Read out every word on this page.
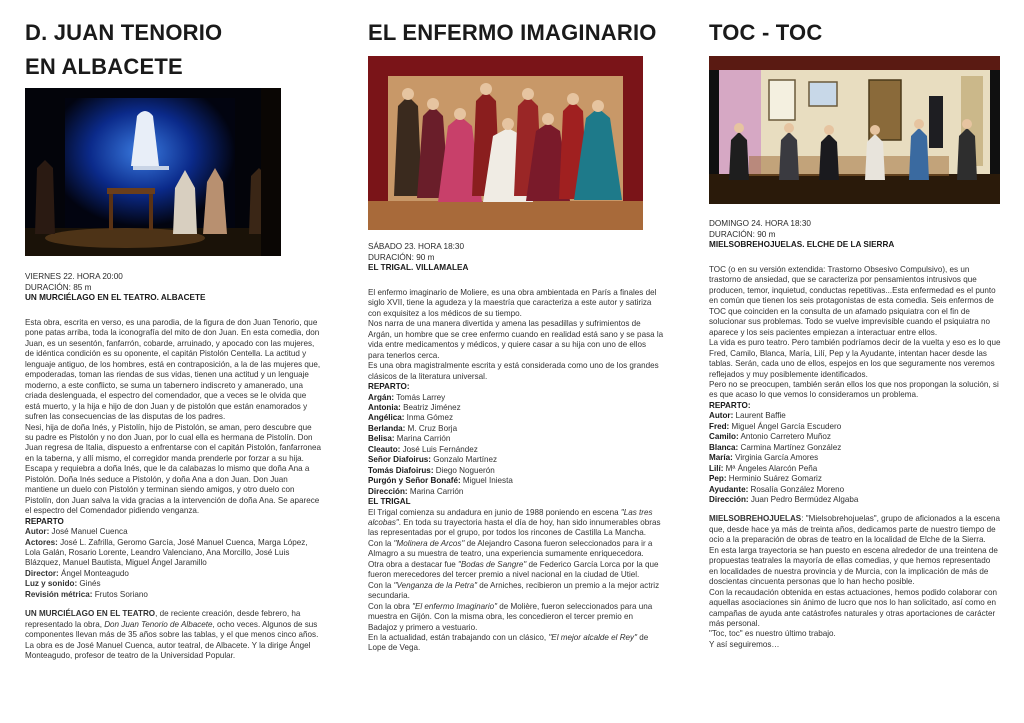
D. JUAN TENORIO
EN ALBACETE
VIERNES 22. HORA 20:00
DURACIÓN: 85 m
UN MURCIÉLAGO EN EL TEATRO. ALBACETE

Esta obra, escrita en verso, es una parodia, de la figura de don Juan Tenorio, que pone patas arriba, toda la iconografía del mito de don Juan. En esta comedia, don Juan, es un sesentón, fanfarrón, cobarde, arruinado, y apocado con las mujeres, de idéntica condición es su oponente, el capitán Pistolón Centella. La actitud y lenguaje antiguo, de los hombres, está en contraposición, a la de las mujeres que, empoderadas, toman las riendas de sus vidas, tienen una actitud y un lenguaje moderno, a este conflicto, se suma un tabernero indiscreto y amanerado, una criada deslenguada, el espectro del comendador, que a veces se le olvida que está muerto, y la hija e hijo de don Juan y de pistolón que están enamorados y sufren las consecuencias de las disputas de los padres.

Nesi, hija de doña Inés, y Pistolín, hijo de Pistolón, se aman, pero descubre que su padre es Pistolón y no don Juan, por lo cual ella es hermana de Pistolín. Don Juan regresa de Italia, dispuesto a enfrentarse con el capitán Pistolón, fanfarronea en la taberna, y allí mismo, el corregidor manda prenderle por forzar a su hija. Escapa y requiebra a doña Inés, que le da calabazas lo mismo que doña Ana a Pistolón. Doña Inés seduce a Pistolón, y doña Ana a don Juan. Don Juan mantiene un duelo con Pistolón y terminan siendo amigos, y otro duelo con Pistolín, don Juan salva la vida gracias a la intervención de doña Ana. Se aparece el espectro del Comendador pidiendo venganza.

REPARTO

Autor: José Manuel Cuenca

Actores: José L. Zafrilla, Geromo García, José Manuel Cuenca, Marga López, Lola Galán, Rosario Lorente, Leandro Valenciano, Ana Morcillo, José Luis Blázquez, Manuel Bautista, Miguel Ángel Jaramillo

Director: Ángel Monteagudo

Luz y sonido: Ginés

Revisión métrica: Frutos Soriano

UN MURCIÉLAGO EN EL TEATRO, de reciente creación, desde febrero, ha representado la obra, Don Juan Tenorio de Albacete, ocho veces. Algunos de sus componentes llevan más de 35 años sobre las tablas, y el que menos cinco años. La obra es de José Manuel Cuenca, autor teatral, de Albacete. Y la dirige Ángel Monteagudo, profesor de teatro de la Universidad Popular.

EL ENFERMO IMAGINARIO
SÁBADO 23. HORA 18:30
DURACIÓN: 90 m
EL TRIGAL. VILLAMALEA

El enfermo imaginario de Moliere, es una obra ambientada en París a finales del siglo XVII, tiene la agudeza y la maestría que caracteriza a este autor y satiriza con exquisitez a los médicos de su tiempo.

Nos narra de una manera divertida y amena las pesadillas y sufrimientos de Argán, un hombre que se cree enfermo cuando en realidad está sano y se pasa la vida entre medicamentos y médicos, y quiere casar a su hija con uno de ellos para tenerlos cerca.

Es una obra magistralmente escrita y está considerada como uno de los grandes clásicos de la literatura universal.

REPARTO:

Argán: Tomás Larrey
Antonia: Beatriz Jiménez
Angélica: Inma Gómez
Berlanda: M. Cruz Borja
Belisa: Marina Carrión
Cleauto: José Luis Fernández
Señor Diafoirus: Gonzalo Martínez
Tomás Diafoirus: Diego Noguerón
Purgón y Señor Bonafé: Miguel Iniesta
Dirección: Marina Carrión

EL TRIGAL

El Trigal comienza su andadura en junio de 1988 poniendo en escena "Las tres alcobas". En toda su trayectoria hasta el día de hoy, han sido innumerables obras las representadas por el grupo, por todos los rincones de Castilla La Mancha.

Con la "Molinera de Arcos" de Alejandro Casona fueron seleccionados para ir a Almagro a su muestra de teatro, una experiencia sumamente enriquecedora.

Otra obra a destacar fue "Bodas de Sangre" de Federico García Lorca por la que fueron merecedores del tercer premio a nivel nacional en la ciudad de Utiel.

Con la "Venganza de la Petra" de Arniches, recibieron un premio a la mejor actriz secundaria.

Con la obra "El enfermo Imaginario" de Molière, fueron seleccionados para una muestra en Gijón. Con la misma obra, les concedieron el tercer premio en Badajoz y primero a vestuario.

En la actualidad, están trabajando con un clásico, "El mejor alcalde el Rey" de Lope de Vega.

TOC - TOC
DOMINGO 24. HORA 18:30
DURACIÓN: 90 m
MIELSOBREHOJUELAS. ELCHE DE LA SIERRA

TOC (o en su versión extendida: Trastorno Obsesivo Compulsivo), es un trastorno de ansiedad, que se caracteriza por pensamientos intrusivos que producen, temor, inquietud, conductas repetitivas...Esta enfermedad es el punto en común que tienen los seis protagonistas de esta comedia. Seis enfermos de TOC que coinciden en la consulta de un afamado psiquiatra con el fin de solucionar sus problemas. Todo se vuelve imprevisible cuando el psiquiatra no aparece y los seis pacientes empiezan a interactuar entre ellos.

La vida es puro teatro. Pero también podríamos decir de la vuelta y eso es lo que Fred, Camilo, Blanca, María, Lilí, Pep y la Ayudante, intentan hacer desde las tablas. Serán, cada uno de ellos, espejos en los que seguramente nos veremos reflejados y muy posiblemente identificados.

Pero no se preocupen, también serán ellos los que nos propongan la solución, si es que acaso lo que vemos lo consideramos un problema.

REPARTO:

Autor: Laurent Baffie
Fred: Miguel Ángel García Escudero
Camilo: Antonio Carretero Muñoz
Blanca: Carmina Martínez González
María: Virginia García Amores
Lilí: Mª Ángeles Alarcón Peña
Pep: Herminio Suárez Gomariz
Ayudante: Rosalía González Moreno
Dirección: Juan Pedro Bermúdez Algaba

MIELSOBREHOJUELAS: "Mielsobrehojuelas", grupo de aficionados a la escena que, desde hace ya más de treinta años, dedicamos parte de nuestro tiempo de ocio a la preparación de obras de teatro en la localidad de Elche de la Sierra.

En esta larga trayectoria se han puesto en escena alrededor de una treintena de propuestas teatrales la mayoría de ellas comedias, y que hemos representado en localidades de nuestra provincia y de Murcia, con la implicación de más de doscientas cincuenta personas que lo han hecho posible.

Con la recaudación obtenida en estas actuaciones, hemos podido colaborar con aquellas asociaciones sin ánimo de lucro que nos lo han solicitado, así como en campañas de ayuda ante catástrofes naturales y otras aportaciones de carácter más personal.

"Toc, toc" es nuestro último trabajo.

Y así seguiremos…
